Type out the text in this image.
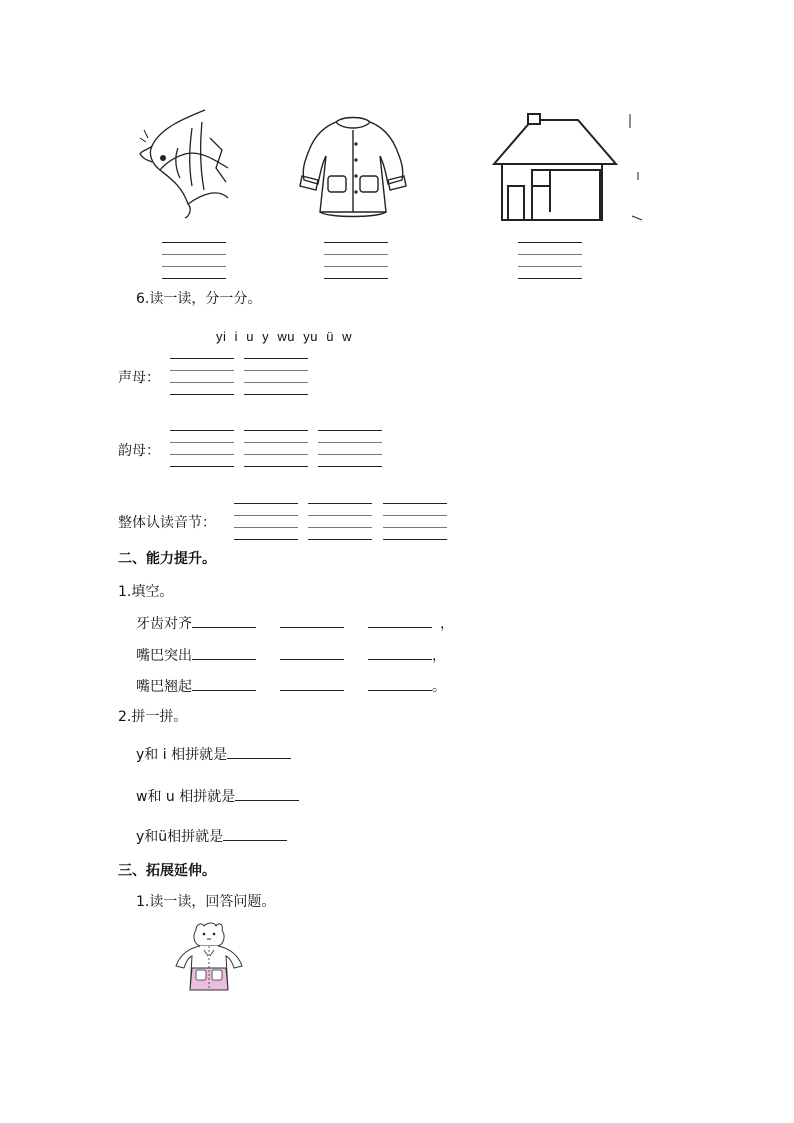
6.读一读，分一分。
yi  i  u  y  wu  yu  ü  w
声母：
韵母：
整体认读音节：
二、能力提升。
1.填空。
牙齿对齐	，
嘴巴突出	，
嘴巴翘起	。
2.拼一拼。
y和 i 相拼就是
w和 u 相拼就是
y和ü相拼就是
三、拓展延伸。
1.读一读，回答问题。
